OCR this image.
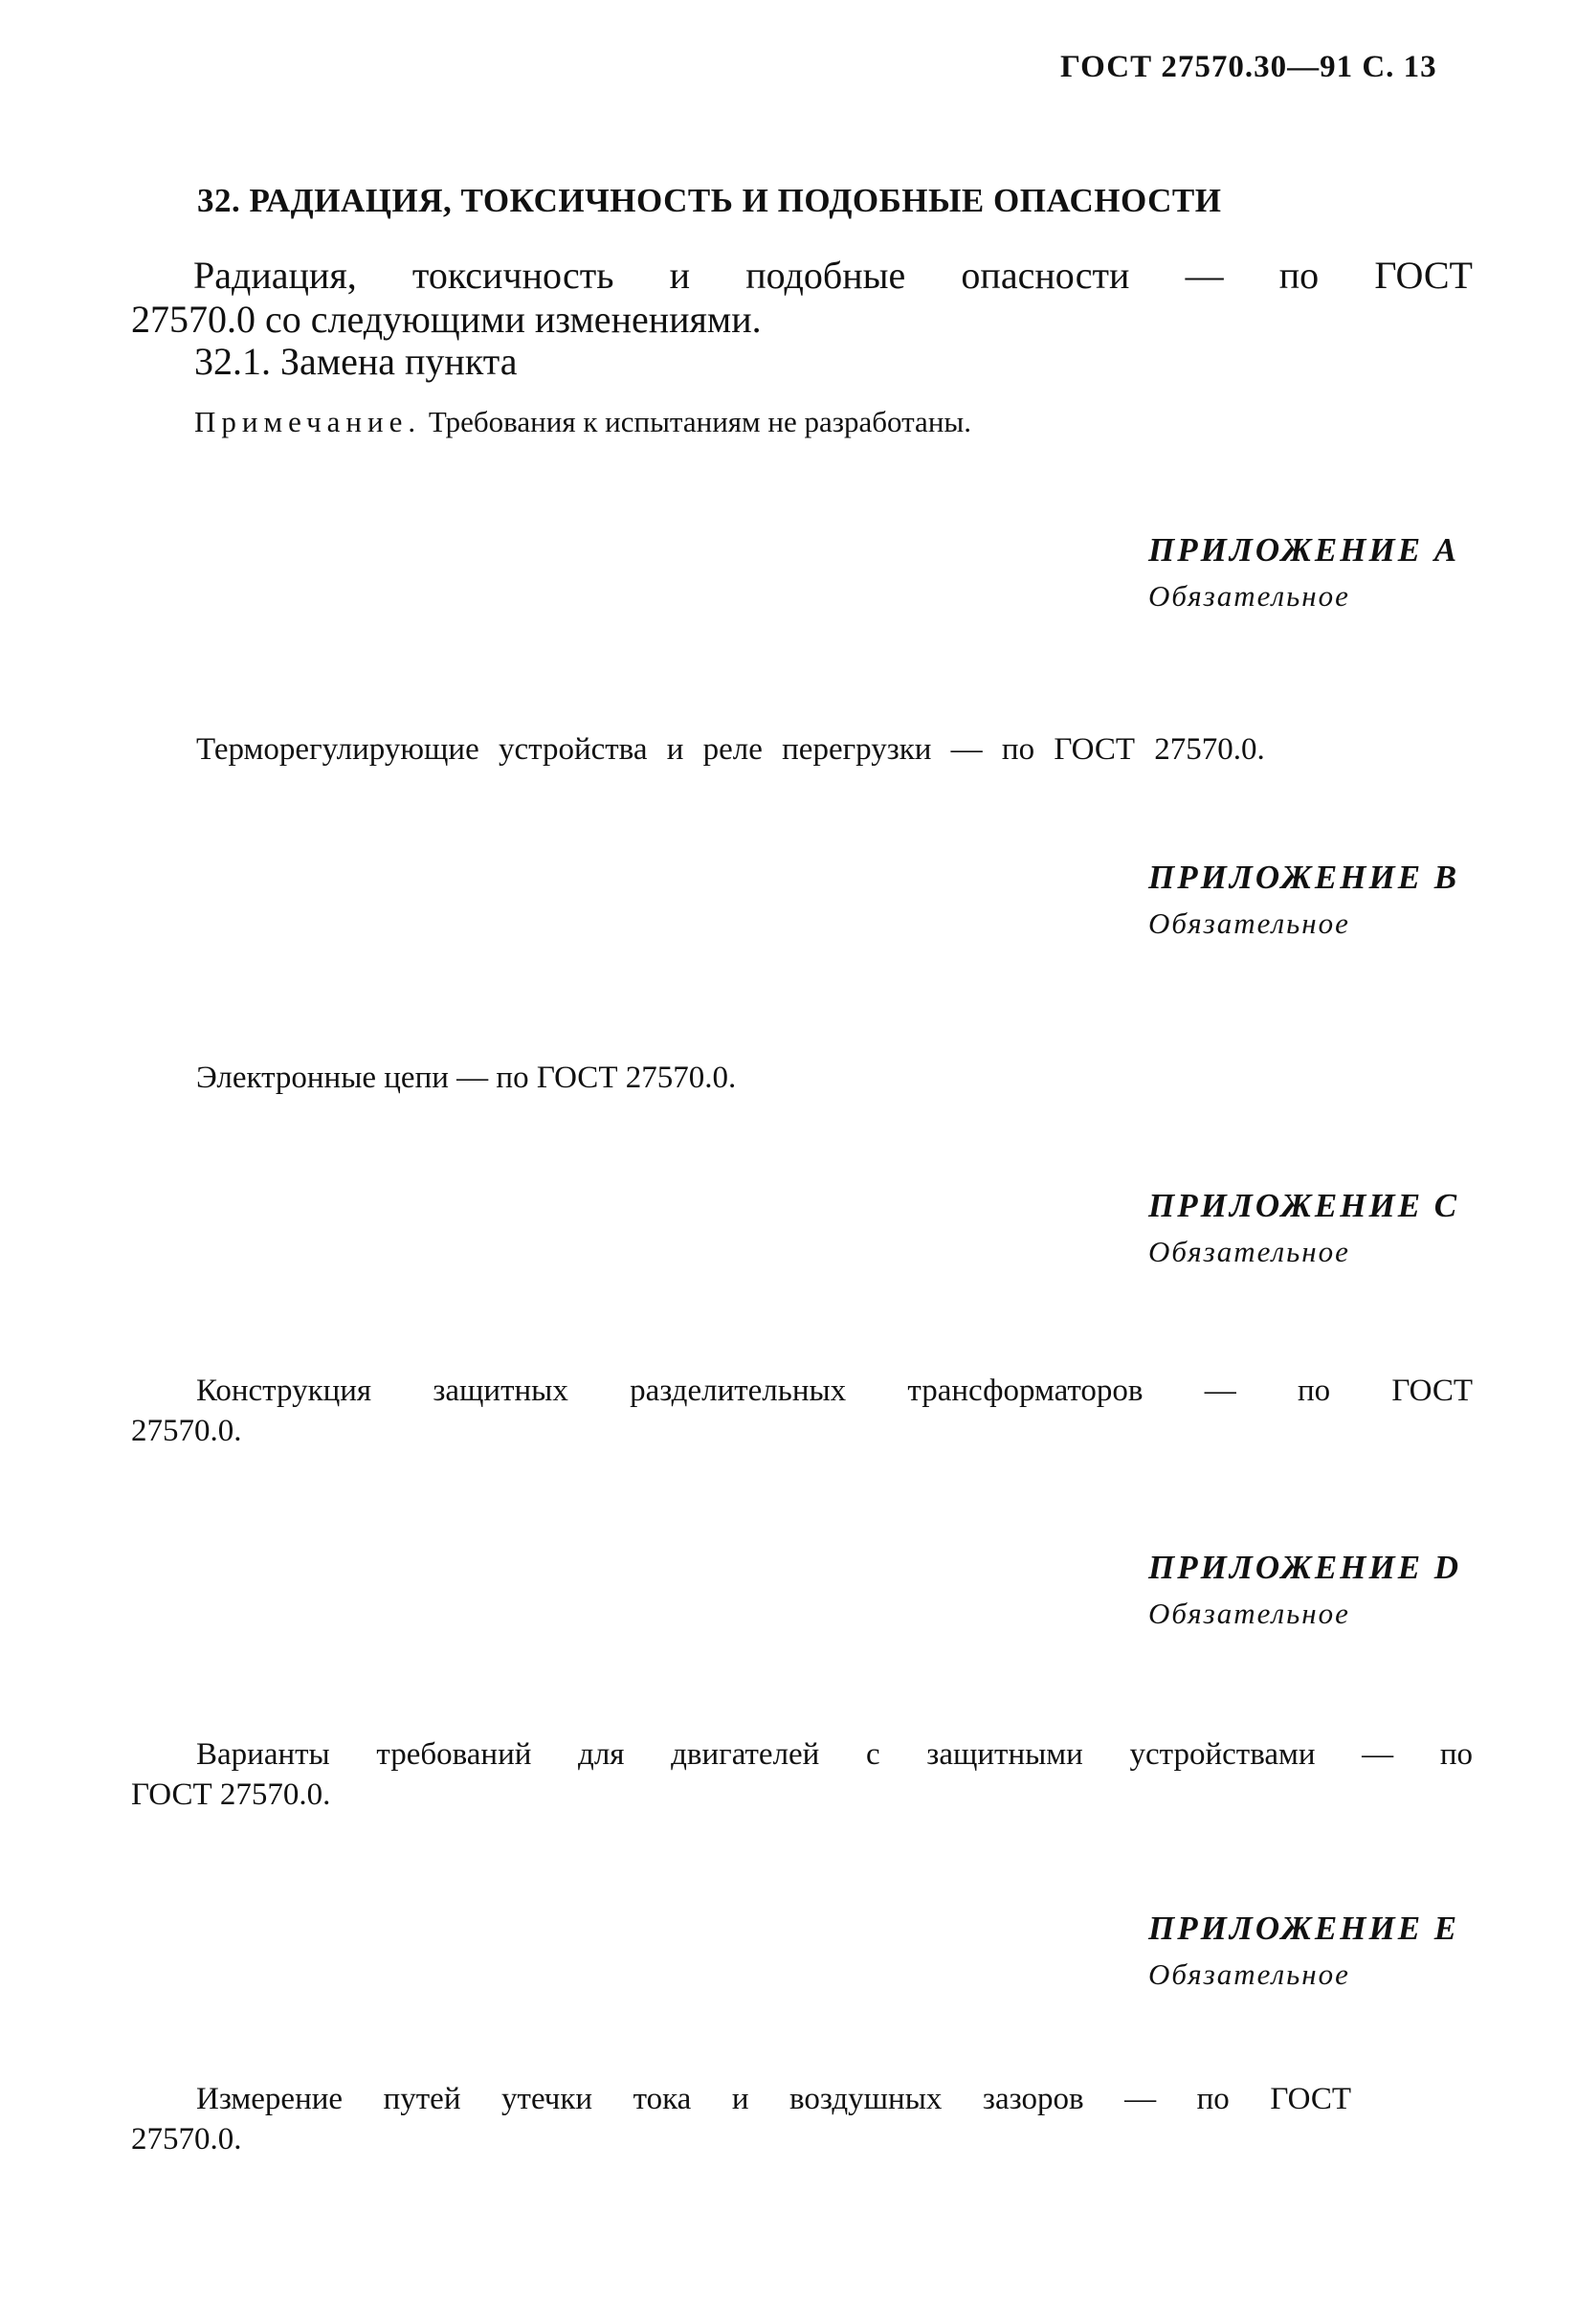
ГОСТ 27570.30—91 С. 13
32. РАДИАЦИЯ, ТОКСИЧНОСТЬ И ПОДОБНЫЕ ОПАСНОСТИ
Радиация, токсичность и подобные опасности — по ГОСТ
27570.0 со следующими изменениями.
32.1. Замена пункта
Примечание. Требования к испытаниям не разработаны.
ПРИЛОЖЕНИЕ А
Обязательное
Терморегулирующие устройства и реле перегрузки — по ГОСТ 27570.0.
ПРИЛОЖЕНИЕ В
Обязательное
Электронные цепи — по ГОСТ 27570.0.
ПРИЛОЖЕНИЕ С
Обязательное
Конструкция защитных разделительных трансформаторов — по ГОСТ
27570.0.
ПРИЛОЖЕНИЕ D
Обязательное
Варианты требований для двигателей с защитными устройствами — по
ГОСТ 27570.0.
ПРИЛОЖЕНИЕ Е
Обязательное
Измерение путей утечки тока и воздушных зазоров — по ГОСТ
27570.0.
